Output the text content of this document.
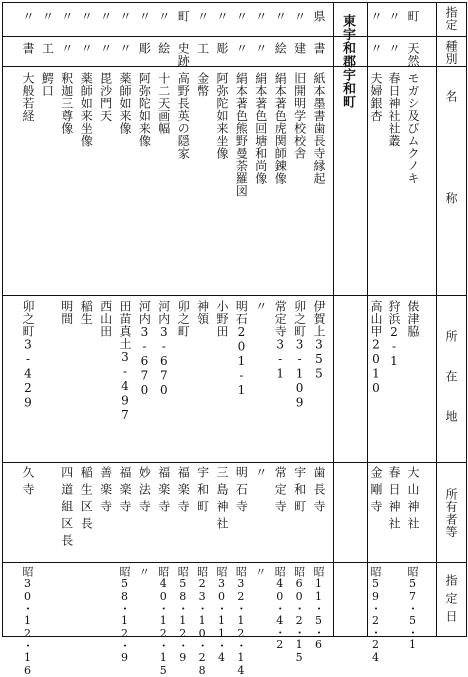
指定
種別
名称
所在地
所有者等
指定日
東宇和郡宇和町	町
天然
モガシ及びムクノキ
俵津脇
大山神社
昭57・5・1
〃
〃
春日神社社叢
狩浜2-1
春日神社
〃
〃
夫婦銀杏
高山甲2010
金剛寺
昭59・2・24
県
書
紙本墨書歯長寺縁起
伊賀上355
歯長寺
昭11・5・6
〃
建
旧開明学校校舎
卯之町3-109
宇和町
昭60・2・15
〃
絵
絹本著色虎関師錬像
常定寺3-1
常定寺
昭40・4・2
〃
〃
絹本著色回塘和尚像
〃
〃
〃
〃
〃
絹本著色熊野曼荼羅図
明石201-1
明石寺
昭32・12・14
〃
彫
阿弥陀如来坐像
小野田
三島神社
昭30・11・4
〃
工
金幣
神領
宇和町
昭23・10・28
町
史跡
高野長英の隠家
卯之町
福楽寺
昭58・12・9
〃
絵
十二天画幅
河内3-670
福楽寺
昭40・12・15
〃
彫
阿弥陀如来像
河内3-670
妙法寺
〃
〃
〃
薬師如来像
田苗真土3-497
福楽寺
昭58・12・9
〃
〃
毘沙門天
西山田
善楽寺
〃
〃
薬師如来坐像
稲生
稲生区長
〃
〃
釈迦三尊像
明間
四道組区長
〃
工
鰐口
〃
書
大般若経
卯之町3-429
久寺
昭30・12・16
